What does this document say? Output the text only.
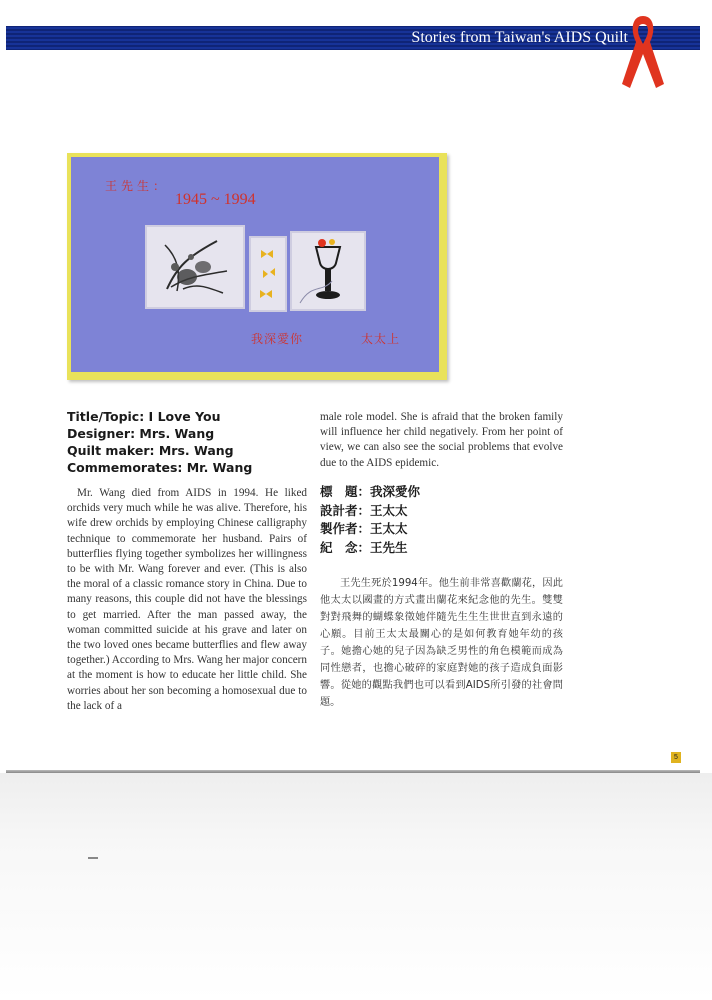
Stories from Taiwan's AIDS Quilt
王先生：
1945 ~ 1994
我深愛你	太太上
Title/Topic: I Love You
Designer: Mrs. Wang
Quilt maker: Mrs. Wang
Commemorates: Mr. Wang

Mr. Wang died from AIDS in 1994. He liked orchids very much while he was alive. Therefore, his wife drew orchids by employing Chinese calligraphy technique to commemorate her husband. Pairs of butterflies flying together symbolizes her willingness to be with Mr. Wang forever and ever. (This is also the moral of a classic romance story in China. Due to many reasons, this couple did not have the blessings to get married. After the man passed away, the woman committed suicide at his grave and later on the two loved ones became butterflies and flew away together.) According to Mrs. Wang her major concern at the moment is how to educate her little child. She worries about her son becoming a homosexual due to the lack of a

male role model. She is afraid that the broken family will influence her child negatively. From her point of view, we can also see the social problems that evolve due to the AIDS epidemic.

標　題：我深愛你
設計者：王太太
製作者：王太太
紀　念：王先生

王先生死於1994年。他生前非常喜歡蘭花，因此他太太以國畫的方式畫出蘭花來紀念他的先生。雙雙對對飛舞的蝴蝶象徵她伴隨先生生生世世直到永遠的心願。目前王太太最關心的是如何教育她年幼的孩子。她擔心她的兒子因為缺乏男性的角色模範而成為同性戀者，也擔心破碎的家庭對她的孩子造成負面影響。從她的觀點我們也可以看到AIDS所引發的社會問題。

5
